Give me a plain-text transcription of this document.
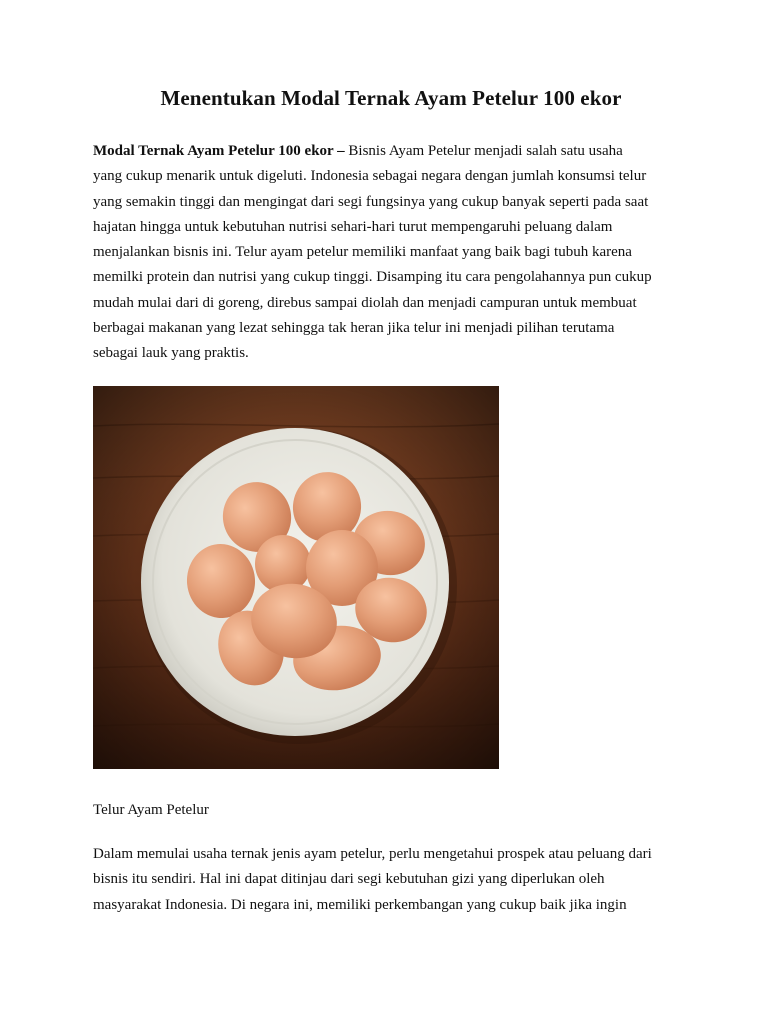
Menentukan Modal Ternak Ayam Petelur 100 ekor
Modal Ternak Ayam Petelur 100 ekor – Bisnis Ayam Petelur menjadi salah satu usaha
yang cukup menarik untuk digeluti. Indonesia sebagai negara dengan jumlah konsumsi telur
yang semakin tinggi dan mengingat dari segi fungsinya yang cukup banyak seperti pada saat
hajatan hingga untuk kebutuhan nutrisi sehari-hari turut mempengaruhi peluang dalam
menjalankan bisnis ini. Telur ayam petelur memiliki manfaat yang baik bagi tubuh karena
memilki protein dan nutrisi yang cukup tinggi. Disamping itu cara pengolahannya pun cukup
mudah mulai dari di goreng, direbus sampai diolah dan menjadi campuran untuk membuat
berbagai makanan yang lezat sehingga tak heran jika telur ini menjadi pilihan terutama
sebagai lauk yang praktis.

Telur Ayam Petelur

Dalam memulai usaha ternak jenis ayam petelur, perlu mengetahui prospek atau peluang dari
bisnis itu sendiri. Hal ini dapat ditinjau dari segi kebutuhan gizi yang diperlukan oleh
masyarakat Indonesia. Di negara ini, memiliki perkembangan yang cukup baik jika ingin
